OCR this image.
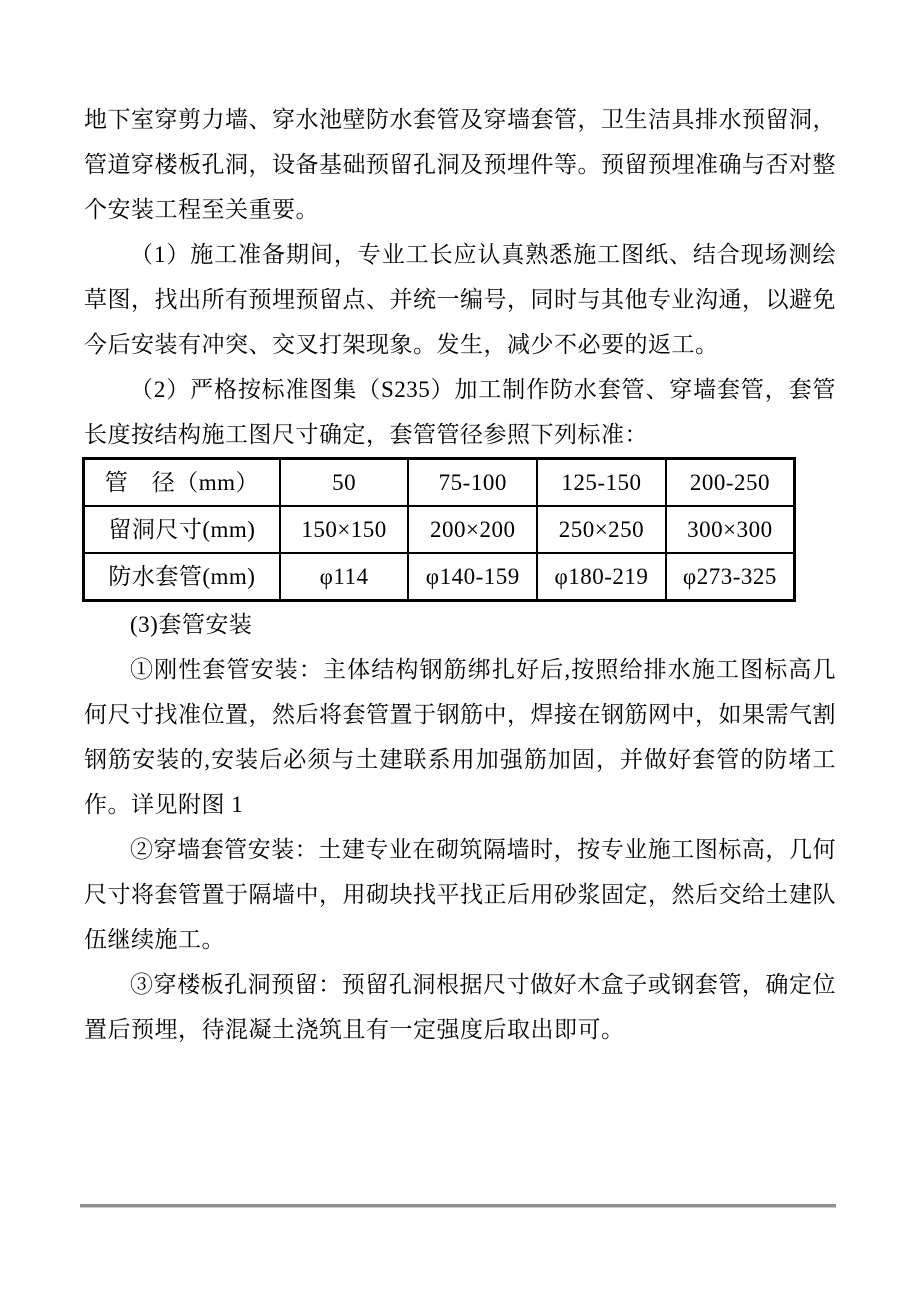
地下室穿剪力墙、穿水池壁防水套管及穿墙套管，卫生洁具排水预留洞，管道穿楼板孔洞，设备基础预留孔洞及预埋件等。预留预埋准确与否对整个安装工程至关重要。

（1）施工准备期间，专业工长应认真熟悉施工图纸、结合现场测绘草图，找出所有预埋预留点、并统一编号，同时与其他专业沟通，以避免今后安装有冲突、交叉打架现象。发生，减少不必要的返工。

（2）严格按标准图集（S235）加工制作防水套管、穿墙套管，套管长度按结构施工图尺寸确定，套管管径参照下列标准：

管　径（mm）	50	75-100	125-150	200-250
留洞尺寸(mm)	150×150	200×200	250×250	300×300
防水套管(mm)	φ114	φ140-159	φ180-219	φ273-325

(3)套管安装

①刚性套管安装：主体结构钢筋绑扎好后,按照给排水施工图标高几何尺寸找准位置，然后将套管置于钢筋中，焊接在钢筋网中，如果需气割钢筋安装的,安装后必须与土建联系用加强筋加固，并做好套管的防堵工作。详见附图 1

②穿墙套管安装：土建专业在砌筑隔墙时，按专业施工图标高，几何尺寸将套管置于隔墙中，用砌块找平找正后用砂浆固定，然后交给土建队伍继续施工。

③穿楼板孔洞预留：预留孔洞根据尺寸做好木盒子或钢套管，确定位置后预埋，待混凝土浇筑且有一定强度后取出即可。
